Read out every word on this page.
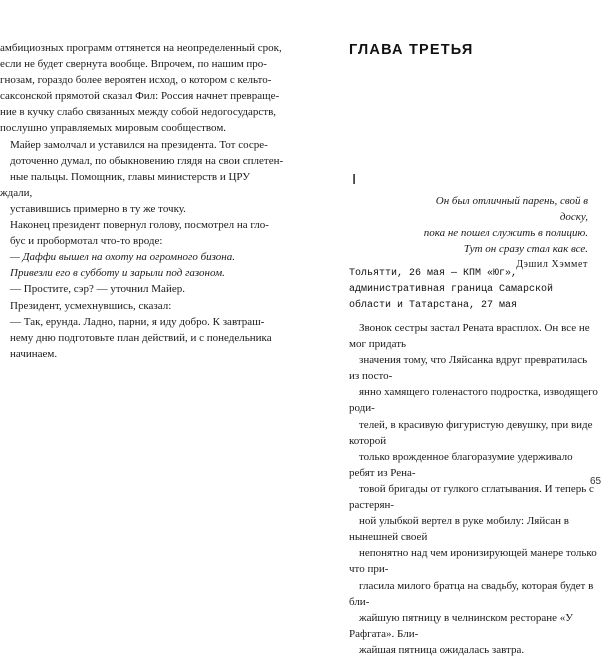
амбициозных программ оттянется на неопределенный срок,
если не будет свернута вообще. Впрочем, по нашим про-
гнозам, гораздо более вероятен исход, о котором с кельто-
саксонской прямотой сказал Фил: Россия начнет превраще-
ние в кучку слабо связанных между собой недогосударств,
послушно управляемых мировым сообществом.

Майер замолчал и уставился на президента. Тот сосре-
доточенно думал, по обыкновению глядя на свои сплетен-
ные пальцы. Помощник, главы министерств и ЦРУ ждали,
уставившись примерно в ту же точку.

Наконец президент повернул голову, посмотрел на гло-
бус и пробормотал что-то вроде:

— Даффи вышел на охоту на огромного бизона.
Привезли его в субботу и зарыли под газоном.

— Простите, сэр? — уточнил Майер.

Президент, усмехнувшись, сказал:

— Так, ерунда. Ладно, парни, я иду добро. К завтраш-
нему дню подготовьте план действий, и с понедельника
начинаем.

ГЛАВА ТРЕТЬЯ
I
Он был отличный парень, свой в доску,
пока не пошел служить в полицию.
Тут он сразу стал как все.
Дэшил Хэммет
Тольятти, 26 мая — КПМ «Юг»,
административная граница Самарской
области и Татарстана, 27 мая

Звонок сестры застал Рената врасплох. Он все не мог придать
значения тому, что Ляйсанка вдруг превратилась из посто-
янно хамящего голенастого подростка, изводящего роди-
телей, в красивую фигуристую девушку, при виде которой
только врожденное благоразумие удерживало ребят из Рена-
товой бригады от гулкого сглатывания. И теперь с растерян-
ной улыбкой вертел в руке мобилу: Ляйсан в нынешней своей
непонятно над чем иронизирующей манере только что при-
гласила милого братца на свадьбу, которая будет в бли-
жайшую пятницу в челнинском ресторане «У Рафгата». Бли-
жайшая пятница ожидалась завтра.

65
